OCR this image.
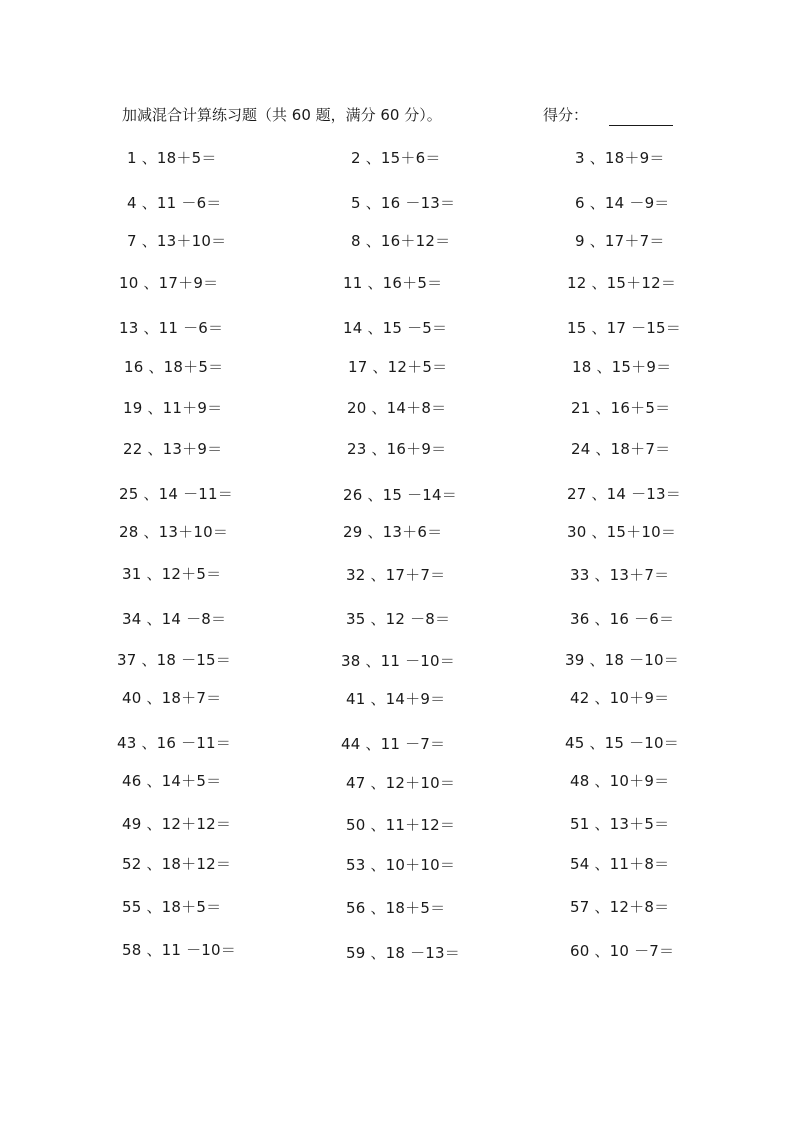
加减混合计算练习题（共 60 题，满分 60 分）。	得分：
1 、18＋5＝	2 、15＋6＝	3 、18＋9＝
4 、11 －6＝	5 、16 －13＝	6 、14 －9＝
7 、13＋10＝	8 、16＋12＝	9 、17＋7＝
10 、17＋9＝	11 、16＋5＝	12 、15＋12＝
13 、11 －6＝	14 、15 －5＝	15 、17 －15＝
16 、18＋5＝	17 、12＋5＝	18 、15＋9＝
19 、11＋9＝	20 、14＋8＝	21 、16＋5＝
22 、13＋9＝	23 、16＋9＝	24 、18＋7＝
25 、14 －11＝	26 、15 －14＝	27 、14 －13＝
28 、13＋10＝	29 、13＋6＝	30 、15＋10＝
31 、12＋5＝	32 、17＋7＝	33 、13＋7＝
34 、14 －8＝	35 、12 －8＝	36 、16 －6＝
37 、18 －15＝	38 、11 －10＝	39 、18 －10＝
40 、18＋7＝	41 、14＋9＝	42 、10＋9＝
43 、16 －11＝	44 、11 －7＝	45 、15 －10＝
46 、14＋5＝	47 、12＋10＝	48 、10＋9＝
49 、12＋12＝	50 、11＋12＝	51 、13＋5＝
52 、18＋12＝	53 、10＋10＝	54 、11＋8＝
55 、18＋5＝	56 、18＋5＝	57 、12＋8＝
58 、11 －10＝	59 、18 －13＝	60 、10 －7＝
